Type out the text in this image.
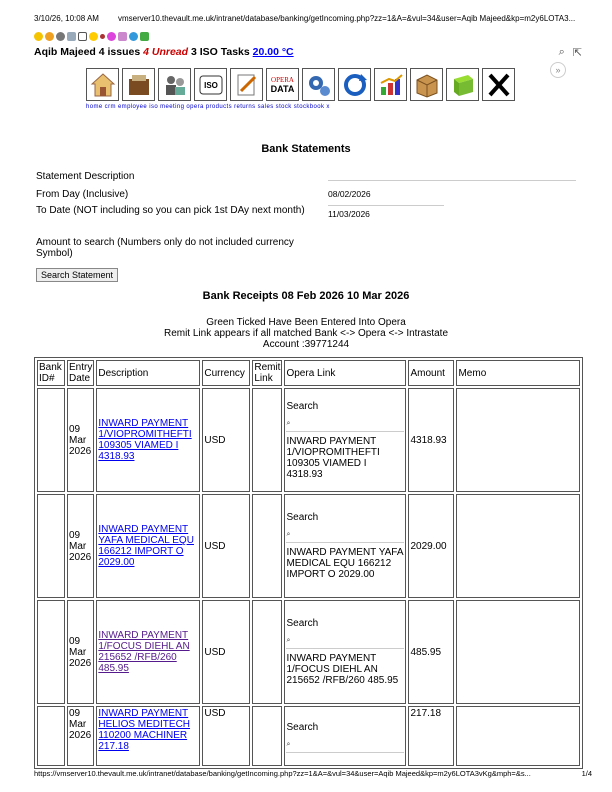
3/10/26, 10:08 AM	vmserver10.thevault.me.uk/intranet/database/banking/getIncoming.php?zz=1&A=&vul=34&user=Aqib Majeed&kp=m2y6LOTA3...
Aqib Majeed 4 issues 4 Unread 3 ISO Tasks 20.00 °C	⌕ ⇱
»
ISO
OPERA
DATA
home crm employee iso meeting opera products returns sales stock stockbook x
Bank Statements
Statement Description
From Day (Inclusive)	08/02/2026
To Date (NOT including so you can pick 1st DAy next month)	11/03/2026
Amount to search (Numbers only do not included currency Symbol)
Search Statement
Bank Receipts 08 Feb 2026 10 Mar 2026
Green Ticked Have Been Entered Into Opera
Remit Link appears if all matched Bank <-> Opera <-> Intrastate
Account :39771244
Bank ID#	Entry Date	Description	Currency	Remit Link	Opera Link	Amount	Memo
	09 Mar 2026	INWARD PAYMENT 1/VIOPROMITHEFTI 109305 VIAMED I 4318.93	USD		Search
⌕
INWARD PAYMENT 1/VIOPROMITHEFTI 109305 VIAMED I 4318.93	4318.93	
	09 Mar 2026	INWARD PAYMENT YAFA MEDICAL EQU 166212 IMPORT O 2029.00	USD		Search
⌕
INWARD PAYMENT YAFA MEDICAL EQU 166212 IMPORT O 2029.00	2029.00	
	09 Mar 2026	INWARD PAYMENT 1/FOCUS DIEHL AN 215652 /RFB/260 485.95	USD		Search
⌕
INWARD PAYMENT 1/FOCUS DIEHL AN 215652 /RFB/260 485.95	485.95	
	09 Mar 2026	INWARD PAYMENT HELIOS MEDITECH 110200 MACHINER 217.18	USD		Search
⌕	217.18	
https://vmserver10.thevault.me.uk/intranet/database/banking/getIncoming.php?zz=1&A=&vul=34&user=Aqib Majeed&kp=m2y6LOTA3vKg&mph=&s...	1/4
